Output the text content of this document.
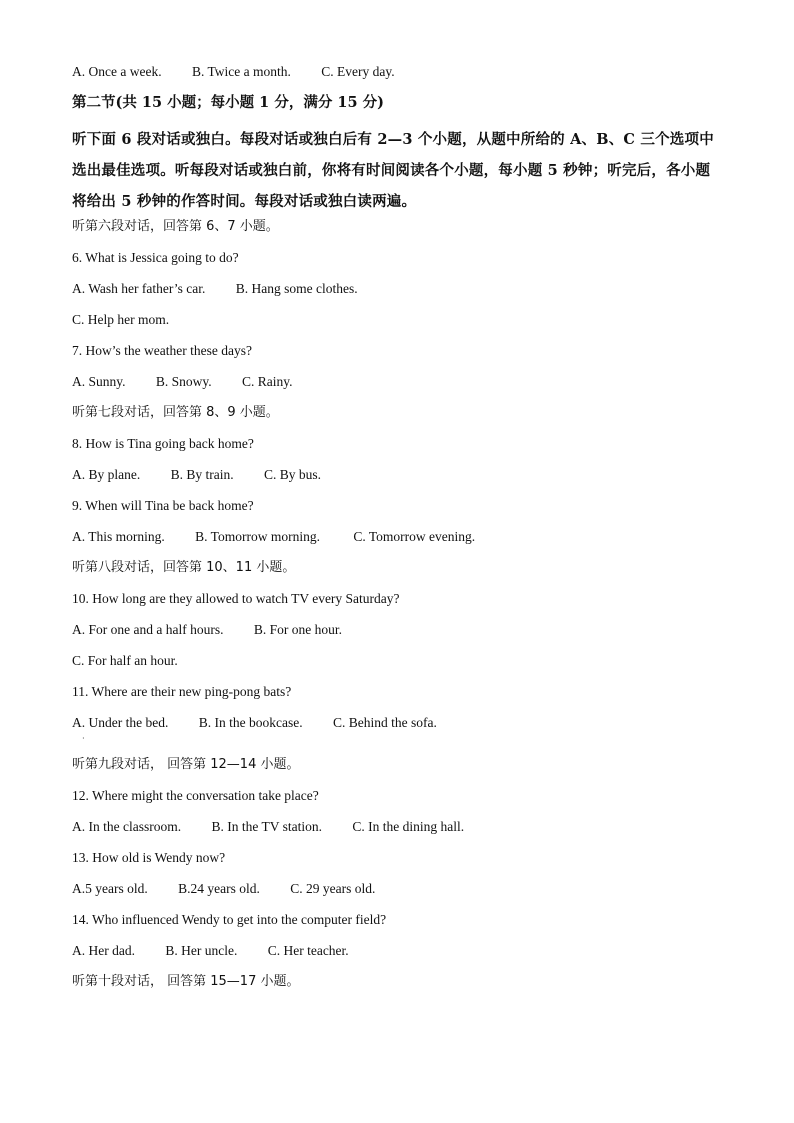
A. Once a week. B. Twice a month. C. Every day.
第二节(共 15 小题；每小题 1 分，满分 15 分)
听下面 6 段对话或独白。每段对话或独白后有 2—3 个小题，从题中所给的 A、B、C 三个选项中选出最佳选项。听每段对话或独白前，你将有时间阅读各个小题，每小题 5 秒钟；听完后，各小题将给出 5 秒钟的作答时间。每段对话或独白读两遍。
听第六段对话，回答第 6、7 小题。
6. What is Jessica going to do?
A. Wash her father’s car. B. Hang some clothes.
C. Help her mom.
7. How’s the weather these days?
A. Sunny. B. Snowy. C. Rainy.
听第七段对话，回答第 8、9 小题。
8. How is Tina going back home?
A. By plane. B. By train. C. By bus.
9. When will Tina be back home?
A. This morning. B. Tomorrow morning. C. Tomorrow evening.
听第八段对话，回答第 10、11 小题。
10. How long are they allowed to watch TV every Saturday?
A. For one and a half hours. B. For one hour.
C. For half an hour.
11. Where are their new ping-pong bats?
A. Under the bed. B. In the bookcase. C. Behind the sofa.
·
听第九段对话， 回答第 12—14 小题。
12. Where might the conversation take place?
A. In the classroom. B. In the TV station. C. In the dining hall.
13. How old is Wendy now?
A.5 years old. B.24 years old. C. 29 years old.
14. Who influenced Wendy to get into the computer field?
A. Her dad. B. Her uncle. C. Her teacher.
听第十段对话， 回答第 15—17 小题。
